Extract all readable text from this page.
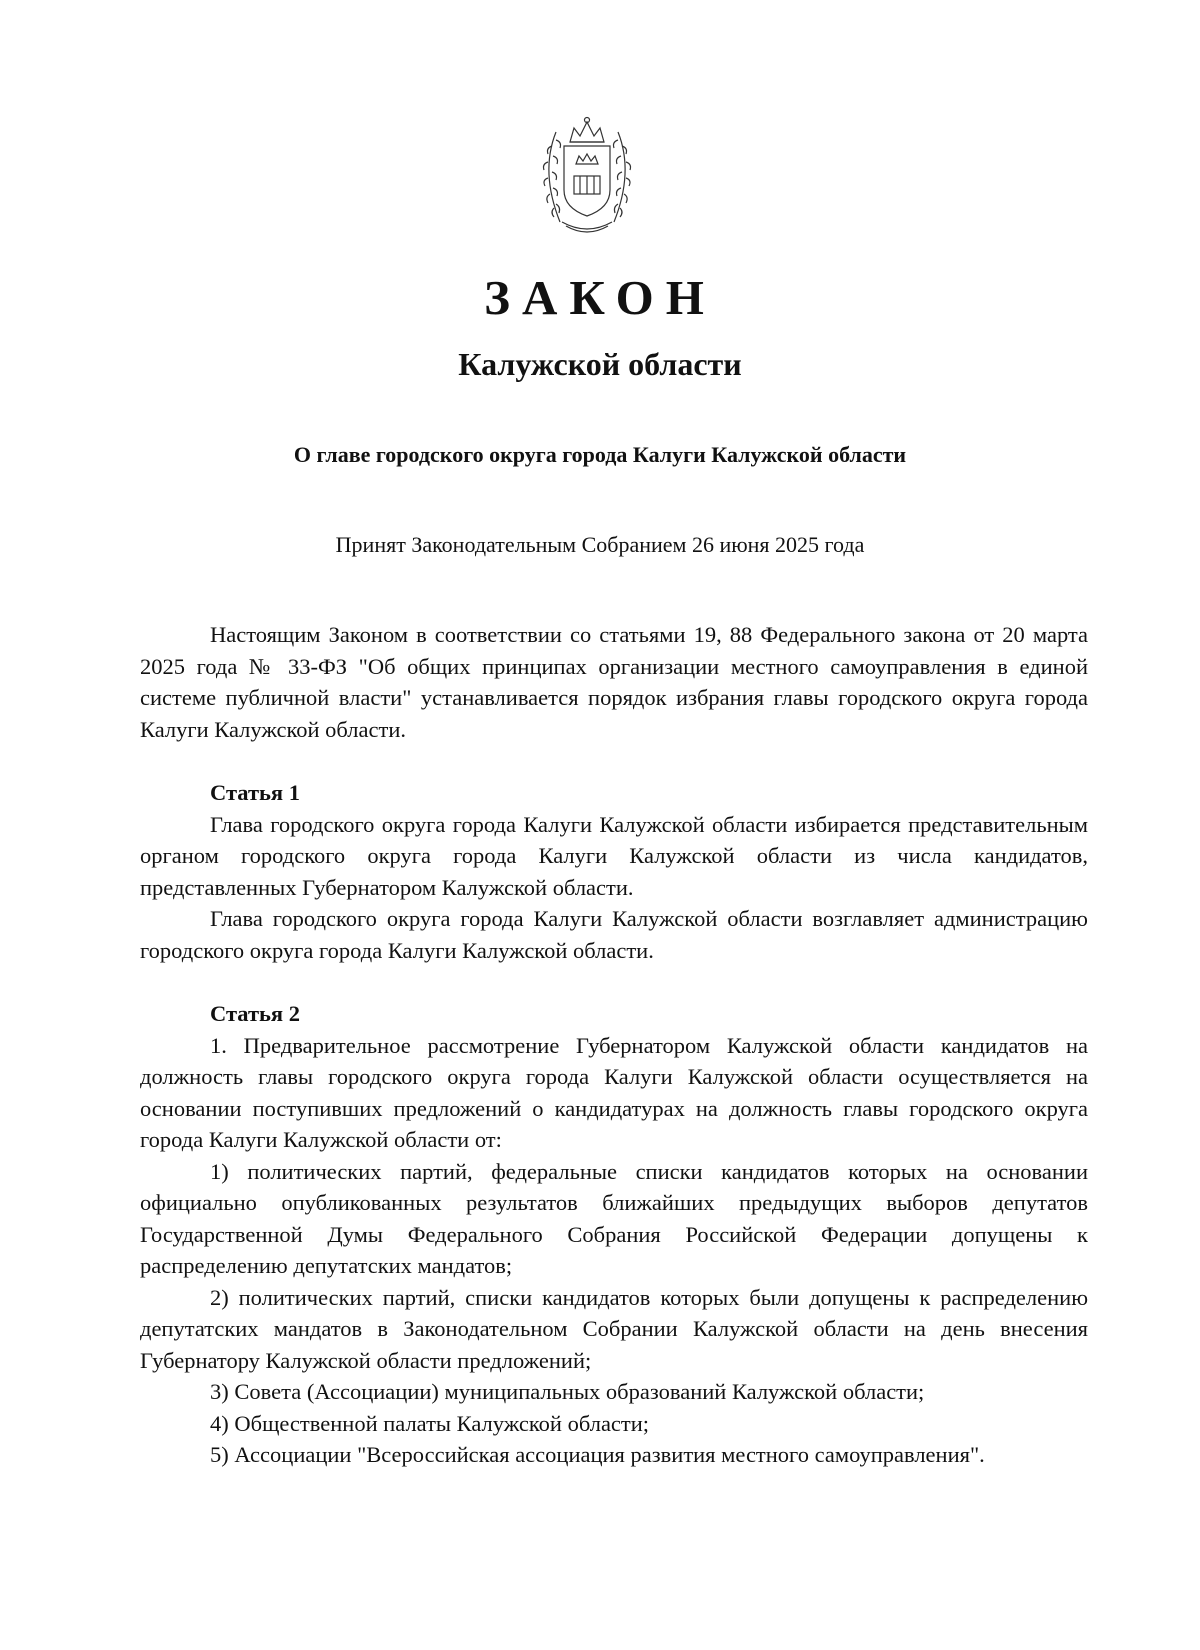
ЗАКОН
Калужской области
О главе городского округа города Калуги Калужской области
Принят Законодательным Собранием 26 июня 2025 года

Настоящим Законом в соответствии со статьями 19, 88 Федерального закона от 20 марта 2025 года № 33-ФЗ "Об общих принципах организации местного самоуправления в единой системе публичной власти" устанавливается порядок избрания главы городского округа города Калуги Калужской области.

Статья 1

Глава городского округа города Калуги Калужской области избирается представительным органом городского округа города Калуги Калужской области из числа кандидатов, представленных Губернатором Калужской области.

Глава городского округа города Калуги Калужской области возглавляет администрацию городского округа города Калуги Калужской области.

Статья 2

1. Предварительное рассмотрение Губернатором Калужской области кандидатов на должность главы городского округа города Калуги Калужской области осуществляется на основании поступивших предложений о кандидатурах на должность главы городского округа города Калуги Калужской области от:

1) политических партий, федеральные списки кандидатов которых на основании официально опубликованных результатов ближайших предыдущих выборов депутатов Государственной Думы Федерального Собрания Российской Федерации допущены к распределению депутатских мандатов;

2) политических партий, списки кандидатов которых были допущены к распределению депутатских мандатов в Законодательном Собрании Калужской области на день внесения Губернатору Калужской области предложений;

3) Совета (Ассоциации) муниципальных образований Калужской области;

4) Общественной палаты Калужской области;

5) Ассоциации "Всероссийская ассоциация развития местного самоуправления".
